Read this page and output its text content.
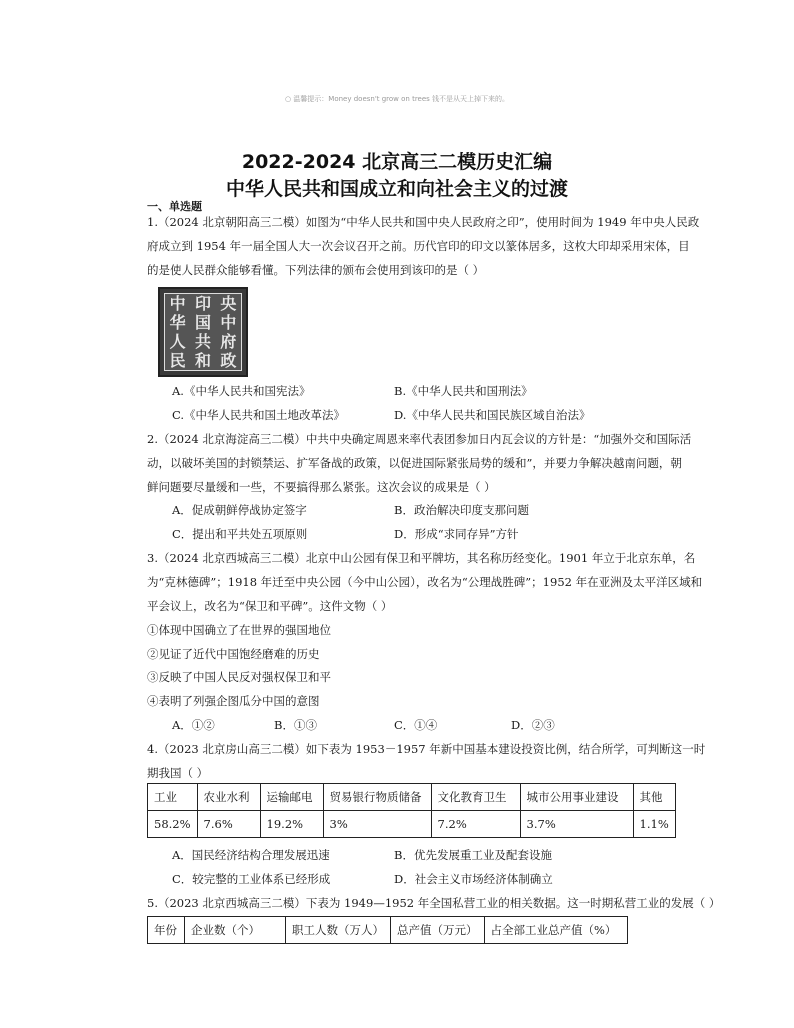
○ 温馨提示：Money doesn't grow on trees 钱不是从天上掉下来的。
2022-2024 北京高三二模历史汇编
中华人民共和国成立和向社会主义的过渡
一、单选题
1.（2024 北京朝阳高三二模）如图为“中华人民共和国中央人民政府之印”，使用时间为 1949 年中央人民政
府成立到 1954 年一届全国人大一次会议召开之前。历代官印的印文以篆体居多，这枚大印却采用宋体，目
的是使人民群众能够看懂。下列法律的颁布会使用到该印的是（ ）
中
华
人
民
印
国
共
和
央
中
府
政
A.《中华人民共和国宪法》	B.《中华人民共和国刑法》
C.《中华人民共和国土地改革法》	D.《中华人民共和国民族区域自治法》
2.（2024 北京海淀高三二模）中共中央确定周恩来率代表团参加日内瓦会议的方针是：“加强外交和国际活
动，以破坏美国的封锁禁运、扩军备战的政策，以促进国际紧张局势的缓和”，并要力争解决越南问题，朝
鲜问题要尽量缓和一些，不要搞得那么紧张。这次会议的成果是（ ）
A．促成朝鲜停战协定签字	B．政治解决印度支那问题
C．提出和平共处五项原则	D．形成“求同存异”方针
3.（2024 北京西城高三二模）北京中山公园有保卫和平牌坊，其名称历经变化。1901 年立于北京东单，名
为“克林德碑”；1918 年迁至中央公园（今中山公园），改名为“公理战胜碑”；1952 年在亚洲及太平洋区域和
平会议上，改名为“保卫和平碑”。这件文物（ ）
①体现中国确立了在世界的强国地位
②见证了近代中国饱经磨难的历史
③反映了中国人民反对强权保卫和平
④表明了列强企图瓜分中国的意图
A．①②	B．①③	C．①④	D．②③
4.（2023 北京房山高三二模）如下表为 1953－1957 年新中国基本建设投资比例，结合所学，可判断这一时
期我国（ ）
工业	农业水利	运输邮电	贸易银行物质储备	文化教育卫生	城市公用事业建设	其他
58.2%	7.6%	19.2%	3%	7.2%	3.7%	1.1%
A．国民经济结构合理发展迅速	B．优先发展重工业及配套设施
C．较完整的工业体系已经形成	D．社会主义市场经济体制确立
5.（2023 北京西城高三二模）下表为 1949—1952 年全国私营工业的相关数据。这一时期私营工业的发展（ ）
年份	企业数（个）	职工人数（万人）	总产值（万元）	占全部工业总产值（%）
